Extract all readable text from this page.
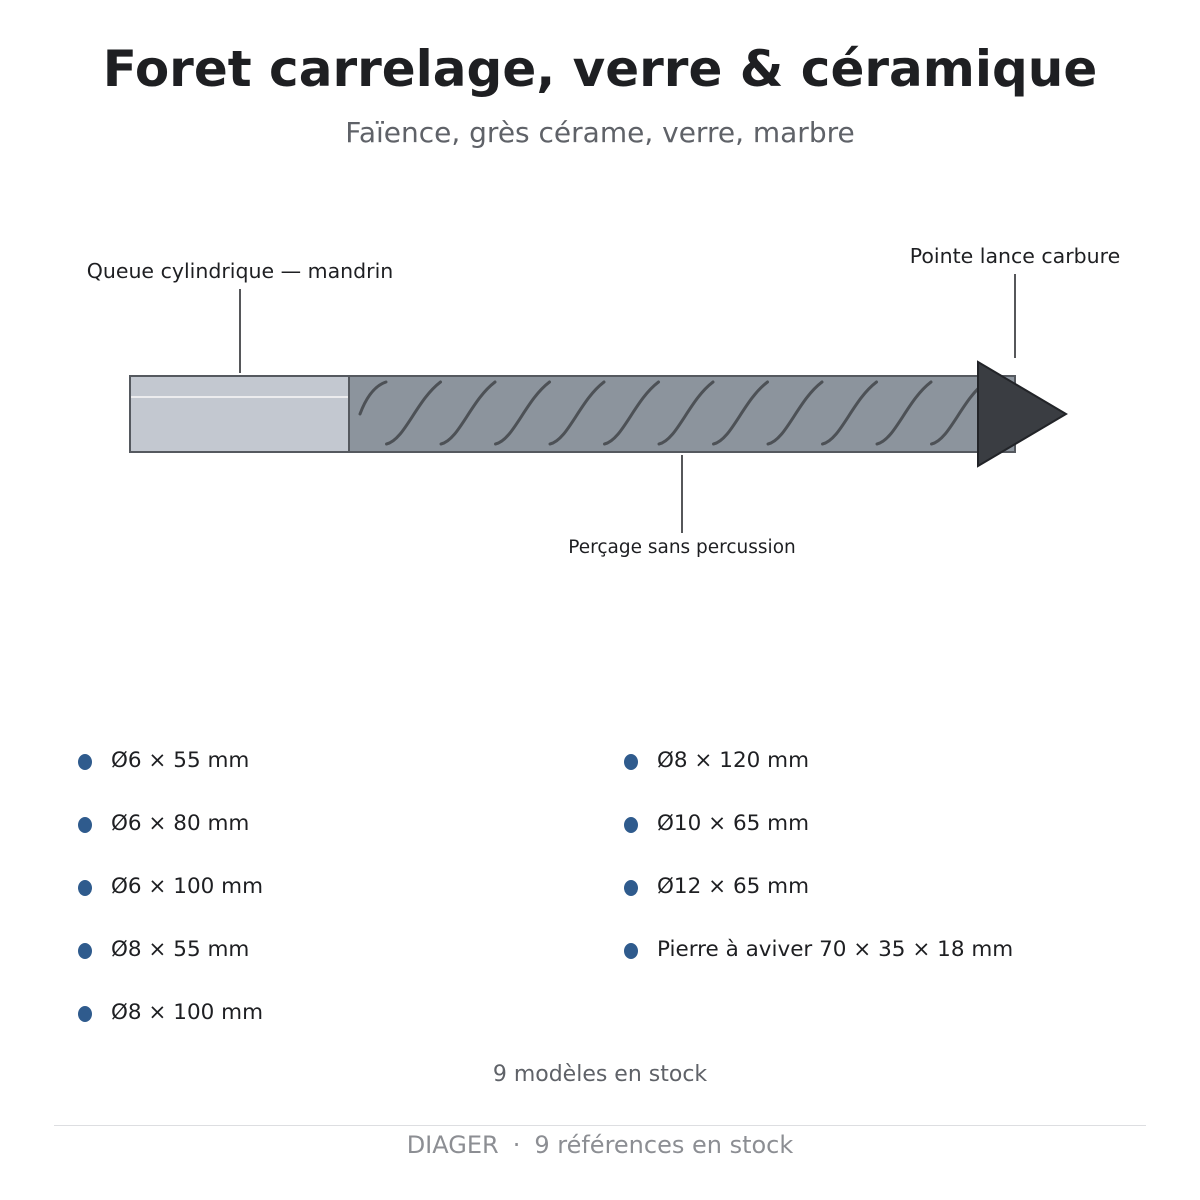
Foret carrelage, verre & céramique
Faïence, grès cérame, verre, marbre
Queue cylindrique — mandrin
Pointe lance carbure
Perçage sans percussion
Ø6 × 55 mm
Ø6 × 80 mm
Ø6 × 100 mm
Ø8 × 55 mm
Ø8 × 100 mm
Ø8 × 120 mm
Ø10 × 65 mm
Ø12 × 65 mm
Pierre à aviver 70 × 35 × 18 mm
9 modèles en stock
DIAGER · 9 références en stock
